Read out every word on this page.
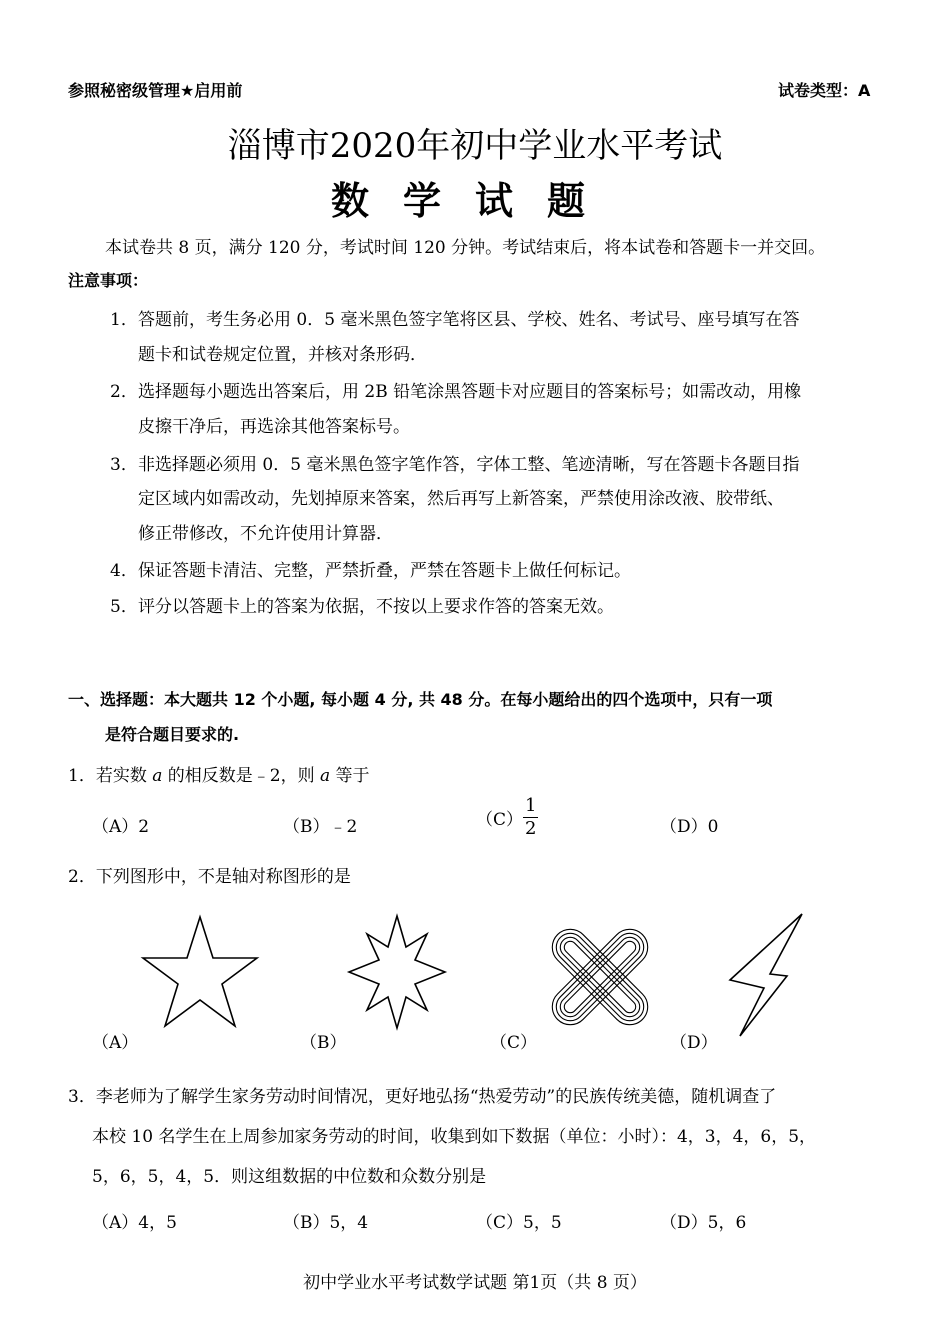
参照秘密级管理★启用前	试卷类型：A
淄博市2020年初中学业水平考试
数学试题
本试卷共 8 页，满分 120 分，考试时间 120 分钟。考试结束后，将本试卷和答题卡一并交回。
注意事项：
1． 答题前，考生务必用 0．5 毫米黑色签字笔将区县、学校、姓名、考试号、座号填写在答
题卡和试卷规定位置，并核对条形码．
2． 选择题每小题选出答案后，用 2B 铅笔涂黑答题卡对应题目的答案标号；如需改动，用橡
皮擦干净后，再选涂其他答案标号。
3． 非选择题必须用 0．5 毫米黑色签字笔作答，字体工整、笔迹清晰，写在答题卡各题目指
定区域内如需改动，先划掉原来答案，然后再写上新答案，严禁使用涂改液、胶带纸、
修正带修改，不允许使用计算器．
4． 保证答题卡清洁、完整，严禁折叠，严禁在答题卡上做任何标记。
5． 评分以答题卡上的答案为依据，不按以上要求作答的答案无效。
一、选择题：本大题共 12 个小题, 每小题 4 分, 共 48 分。在每小题给出的四个选项中，只有一项
是符合题目要求的.
1．若实数 a 的相反数是﹣2，则 a 等于
（A）2	（B）﹣2	$(C) \frac{1}{2}$	（D）0
2．下列图形中，不是轴对称图形的是
（A）	（B）	（C）	（D）
3．李老师为了解学生家务劳动时间情况，更好地弘扬“热爱劳动”的民族传统美德，随机调查了
本校 10 名学生在上周参加家务劳动的时间，收集到如下数据（单位：小时）：4，3，4，6，5，
5，6，5，4，5．则这组数据的中位数和众数分别是
（A）4，5	（B）5，4	（C）5，5	（D）5，6
初中学业水平考试数学试题 第1页（共 8 页）
